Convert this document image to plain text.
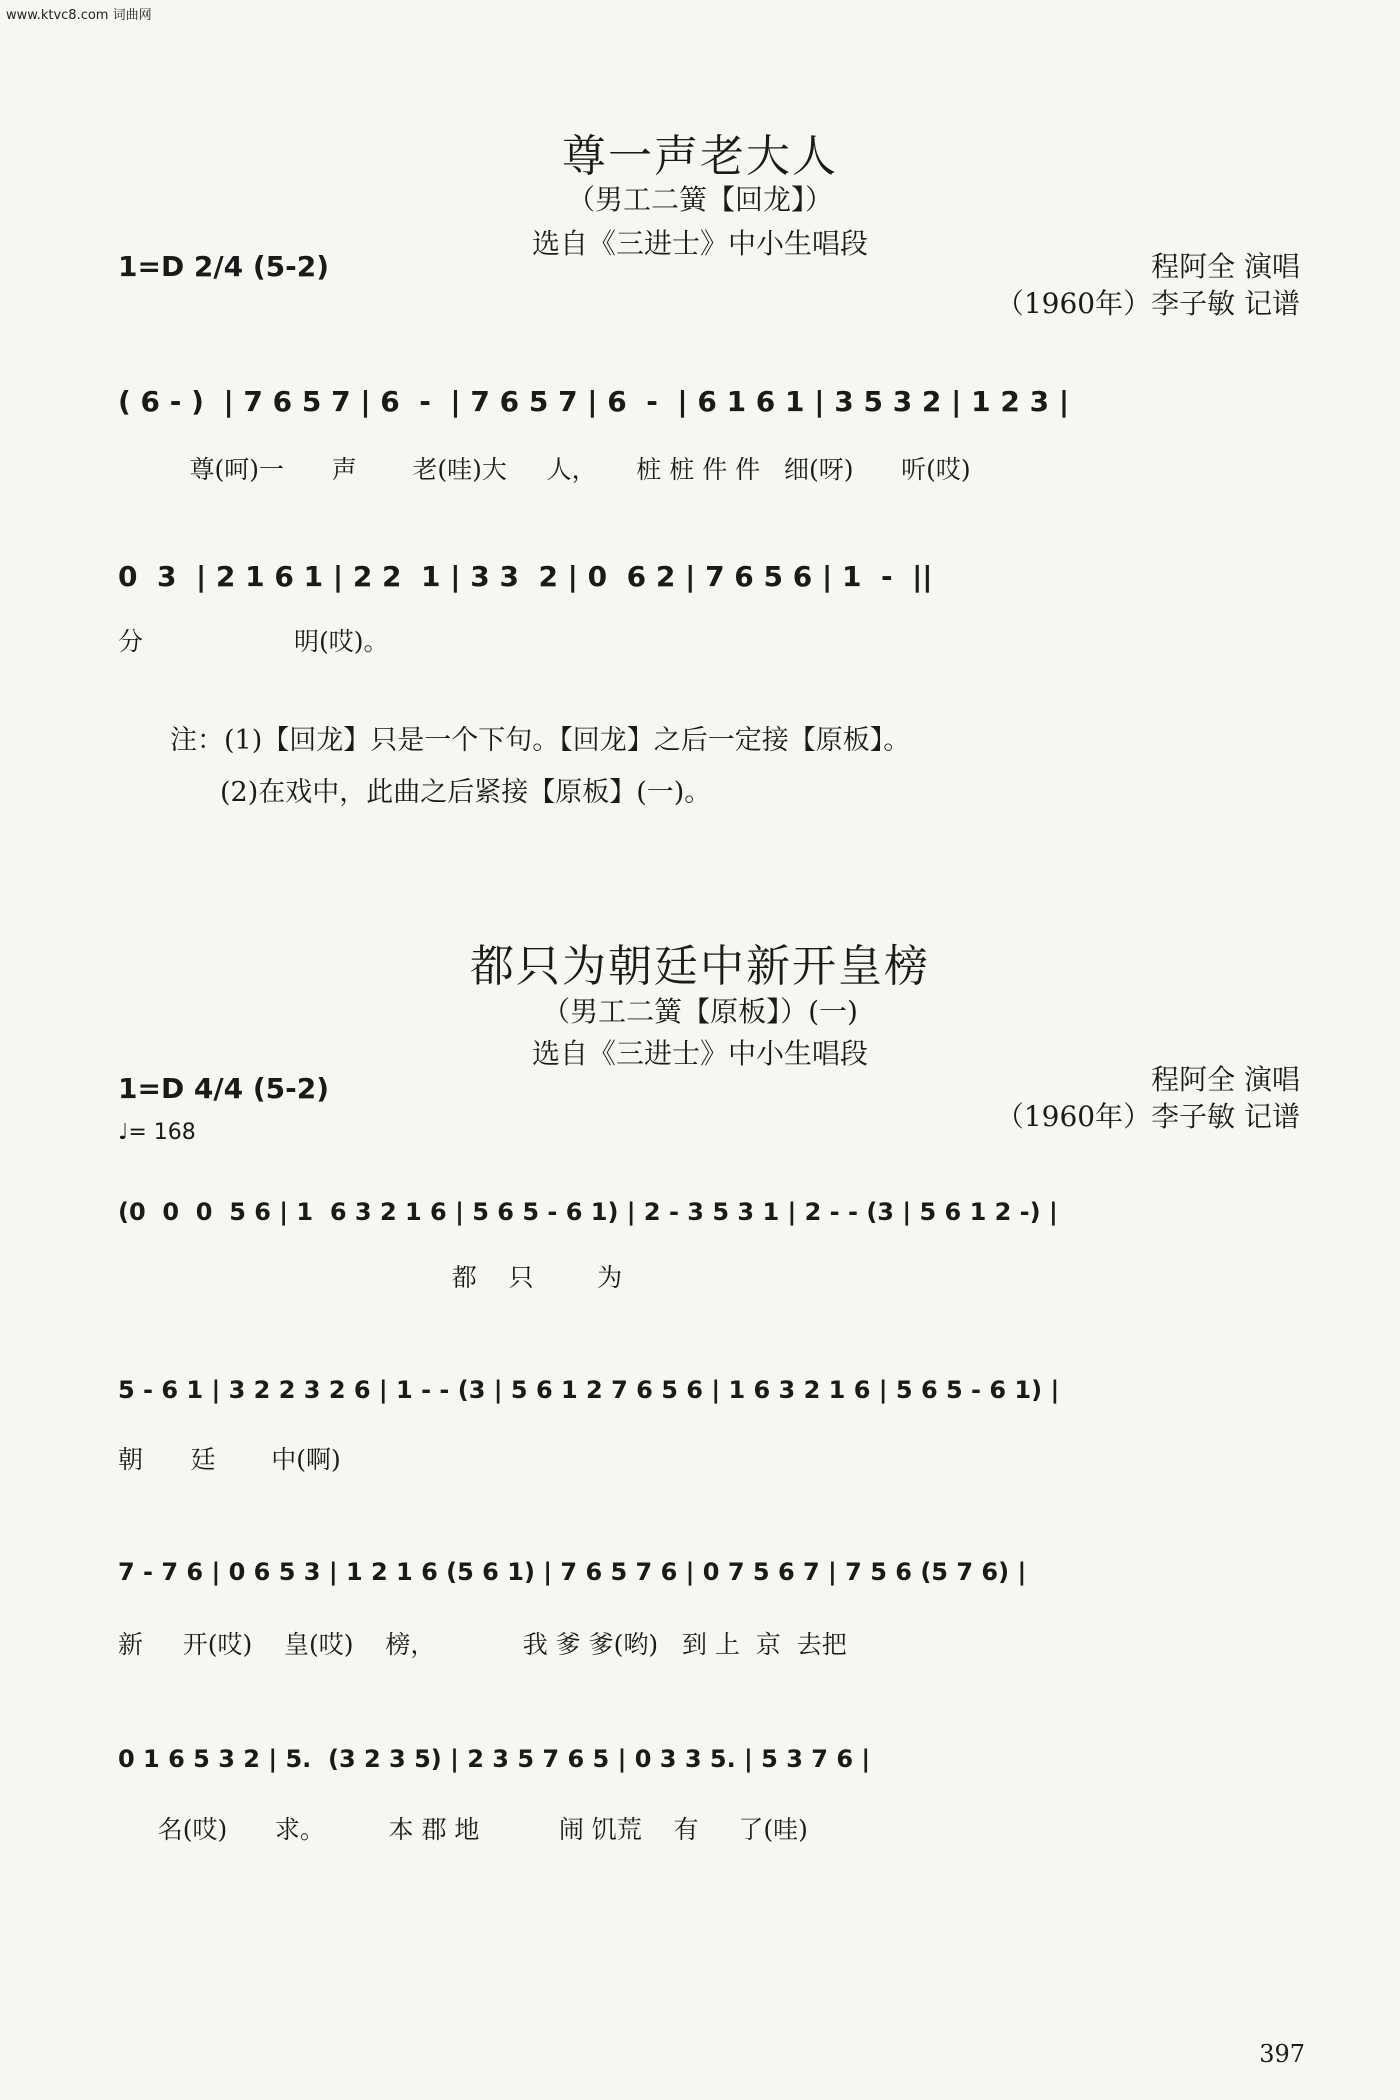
www.ktvc8.com 词曲网
尊一声老大人
（男工二簧【回龙】）
选自《三进士》中小生唱段
1=D 2/4 (5-2)	程阿全 演唱
（1960年）李子敏 记谱
( 6 - )  | 7 6 5 7 | 6  -  | 7 6 5 7 | 6  -  | 6 1 6 1 | 3 5 3 2 | 1 2 3 |
尊(呵)一      声       老(哇)大     人，     桩 桩 件 件   细(呀)      听(哎)
0  3  | 2 1 6 1 | 2 2  1 | 3 3  2 | 0  6 2 | 7 6 5 6 | 1  -  ||
分                   明(哎)。
注：(1)【回龙】只是一个下句。【回龙】之后一定接【原板】。
(2)在戏中，此曲之后紧接【原板】(一)。
都只为朝廷中新开皇榜
（男工二簧【原板】）(一)
选自《三进士》中小生唱段
1=D 4/4 (5-2)
♩= 168
程阿全 演唱
（1960年）李子敏 记谱
(0  0  0  5 6 | 1  6 3 2 1 6 | 5 6 5 - 6 1) | 2 - 3 5 3 1 | 2 - - (3 | 5 6 1 2 -) |
都    只        为
5 - 6 1 | 3 2 2 3 2 6 | 1 - - (3 | 5 6 1 2 7 6 5 6 | 1 6 3 2 1 6 | 5 6 5 - 6 1) |
朝      廷       中(啊)
7 - 7 6 | 0 6 5 3 | 1 2 1 6 (5 6 1) | 7 6 5 7 6 | 0 7 5 6 7 | 7 5 6 (5 7 6) |
新     开(哎)    皇(哎)    榜，           我 爹 爹(哟)   到 上  京  去把
0 1 6 5 3 2 | 5.  (3 2 3 5) | 2 3 5 7 6 5 | 0 3 3 5. | 5 3 7 6 |
名(哎)      求。        本 郡 地          闹 饥荒    有     了(哇)
397
